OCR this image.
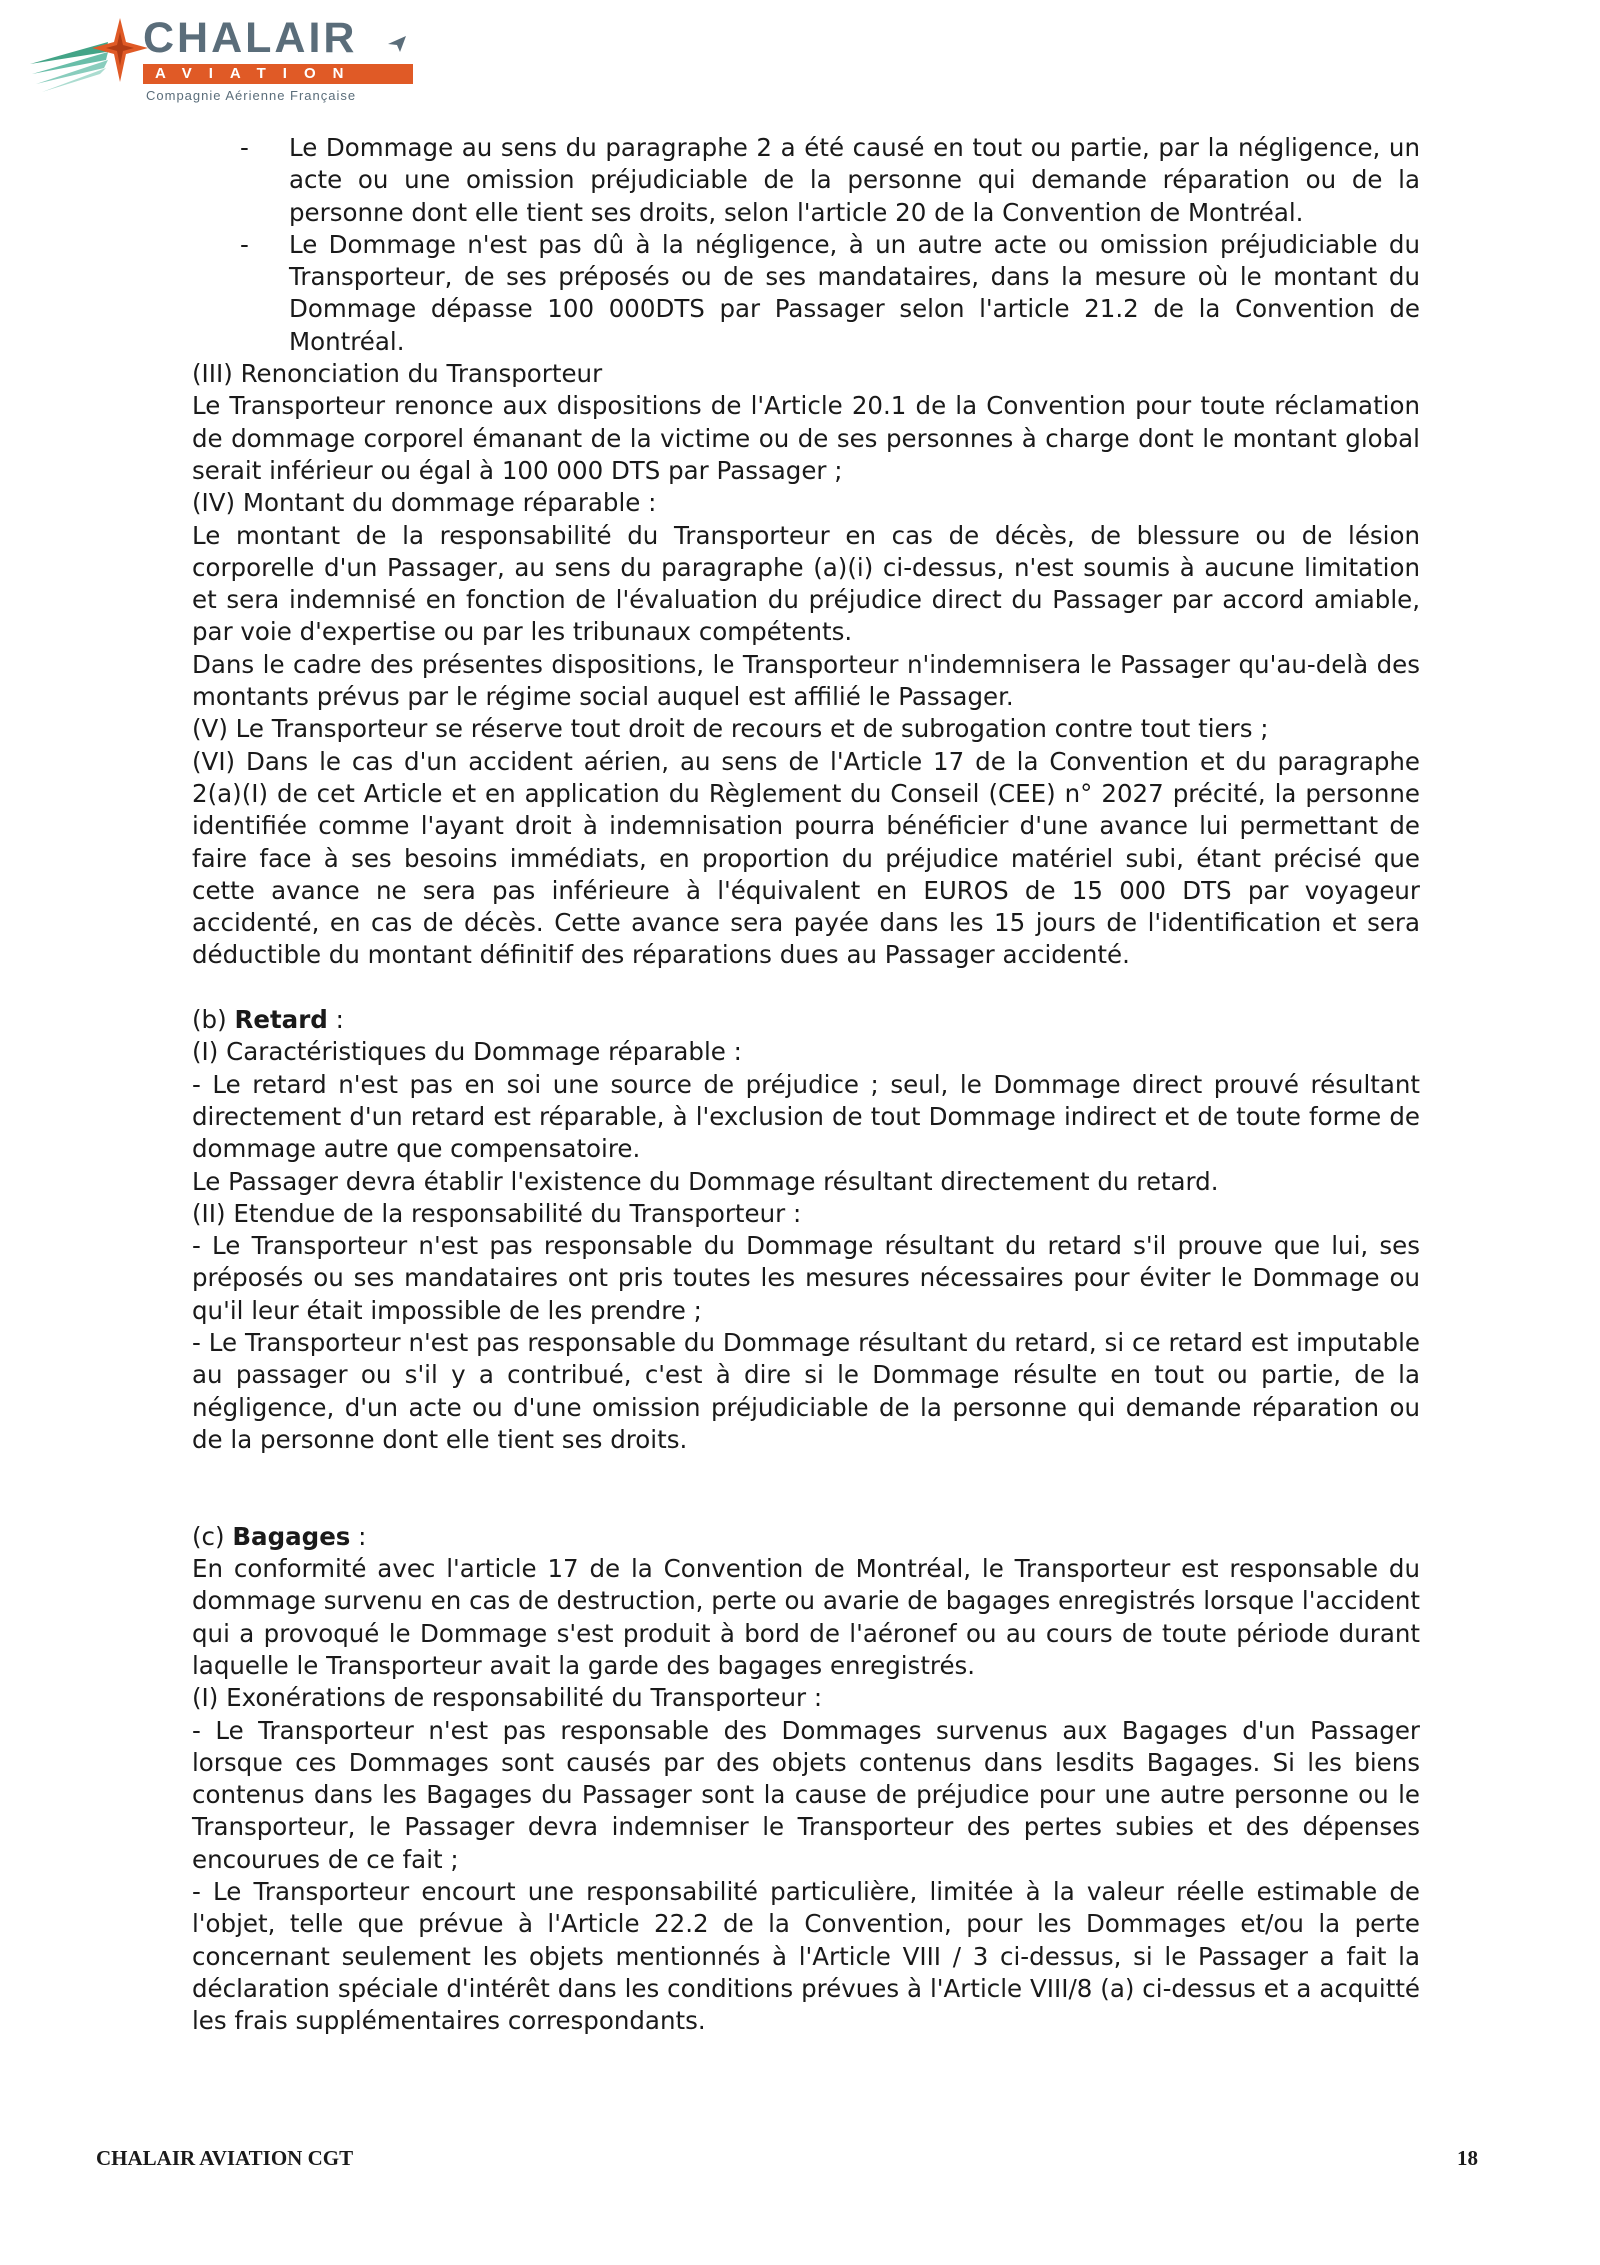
CHALAIR
AVIATION
Compagnie Aérienne Française
-	Le Dommage au sens du paragraphe 2 a été causé en tout ou partie, par la négligence, un acte ou une omission préjudiciable de la personne qui demande réparation ou de la personne dont elle tient ses droits, selon l'article 20 de la Convention de Montréal.
-	Le Dommage n'est pas dû à la négligence, à un autre acte ou omission préjudiciable du Transporteur, de ses préposés ou de ses mandataires, dans la mesure où le montant du Dommage dépasse 100 000DTS par Passager selon l'article 21.2 de la Convention de Montréal.

(III) Renonciation du Transporteur

Le Transporteur renonce aux dispositions de l'Article 20.1 de la Convention pour toute réclamation de dommage corporel émanant de la victime ou de ses personnes à charge dont le montant global serait inférieur ou égal à 100 000 DTS par Passager ;

(IV) Montant du dommage réparable :

Le montant de la responsabilité du Transporteur en cas de décès, de blessure ou de lésion corporelle d'un Passager, au sens du paragraphe (a)(i) ci-dessus, n'est soumis à aucune limitation et sera indemnisé en fonction de l'évaluation du préjudice direct du Passager par accord amiable, par voie d'expertise ou par les tribunaux compétents.

Dans le cadre des présentes dispositions, le Transporteur n'indemnisera le Passager qu'au-delà des montants prévus par le régime social auquel est affilié le Passager.

(V) Le Transporteur se réserve tout droit de recours et de subrogation contre tout tiers ;

(VI) Dans le cas d'un accident aérien, au sens de l'Article 17 de la Convention et du paragraphe 2(a)(I) de cet Article et en application du Règlement du Conseil (CEE) n° 2027 précité, la personne identifiée comme l'ayant droit à indemnisation pourra bénéficier d'une avance lui permettant de faire face à ses besoins immédiats, en proportion du préjudice matériel subi, étant précisé que cette avance ne sera pas inférieure à l'équivalent en EUROS de 15 000 DTS par voyageur accidenté, en cas de décès. Cette avance sera payée dans les 15 jours de l'identification et sera déductible du montant définitif des réparations dues au Passager accidenté.

(b) Retard :

(I) Caractéristiques du Dommage réparable :

- Le retard n'est pas en soi une source de préjudice ; seul, le Dommage direct prouvé résultant directement d'un retard est réparable, à l'exclusion de tout Dommage indirect et de toute forme de dommage autre que compensatoire.

Le Passager devra établir l'existence du Dommage résultant directement du retard.

(II) Etendue de la responsabilité du Transporteur :

- Le Transporteur n'est pas responsable du Dommage résultant du retard s'il prouve que lui, ses préposés ou ses mandataires ont pris toutes les mesures nécessaires pour éviter le Dommage ou qu'il leur était impossible de les prendre ;

- Le Transporteur n'est pas responsable du Dommage résultant du retard, si ce retard est imputable au passager ou s'il y a contribué, c'est à dire si le Dommage résulte en tout ou partie, de la négligence, d'un acte ou d'une omission préjudiciable de la personne qui demande réparation ou de la personne dont elle tient ses droits.

(c) Bagages :

En conformité avec l'article 17 de la Convention de Montréal, le Transporteur est responsable du dommage survenu en cas de destruction, perte ou avarie de bagages enregistrés lorsque l'accident qui a provoqué le Dommage s'est produit à bord de l'aéronef ou au cours de toute période durant laquelle le Transporteur avait la garde des bagages enregistrés.

(I) Exonérations de responsabilité du Transporteur :

- Le Transporteur n'est pas responsable des Dommages survenus aux Bagages d'un Passager lorsque ces Dommages sont causés par des objets contenus dans lesdits Bagages. Si les biens contenus dans les Bagages du Passager sont la cause de préjudice pour une autre personne ou le Transporteur, le Passager devra indemniser le Transporteur des pertes subies et des dépenses encourues de ce fait ;

- Le Transporteur encourt une responsabilité particulière, limitée à la valeur réelle estimable de l'objet, telle que prévue à l'Article 22.2 de la Convention, pour les Dommages et/ou la perte concernant seulement les objets mentionnés à l'Article VIII / 3 ci-dessus, si le Passager a fait la déclaration spéciale d'intérêt dans les conditions prévues à l'Article VIII/8 (a) ci-dessus et a acquitté les frais supplémentaires correspondants.

CHALAIR AVIATION CGT	18
